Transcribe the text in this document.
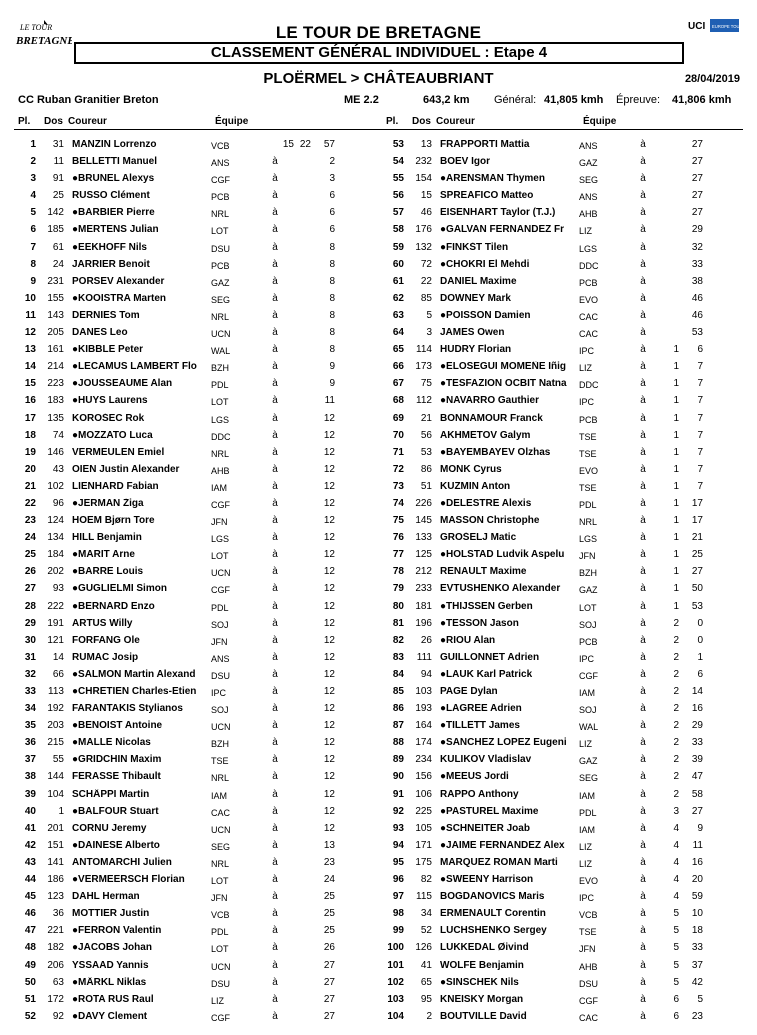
LE TOUR
BRETAGNE
UCI EUROPE TOUR
LE TOUR DE BRETAGNE
CLASSEMENT GÉNÉRAL INDIVIDUEL : Etape 4
PLOËRMEL > CHÂTEAUBRIANT	28/04/2019
CC Ruban Granitier Breton	ME 2.2	643,2 km Général: 41,805 kmh Épreuve: 41,806 kmh
Pl. Dos Coureur	Équipe	Pl. Dos Coureur	Équipe
1	31 MANZIN Lorrenzo	VCB	15 22	57
2	11 BELLETTI Manuel	ANS	à	2
3	91 ●BRUNEL Alexys	CGF	à	3
4	25 RUSSO Clément	PCB	à	6
5	142 ●BARBIER Pierre	NRL	à	6
6	185 ●MERTENS Julian	LOT	à	6
7	61 ●EEKHOFF Nils	DSU	à	8
8	24 JARRIER Benoit	PCB	à	8
9	231 PORSEV Alexander	GAZ	à	8
10	155 ●KOOISTRA Marten	SEG	à	8
11	143 DERNIES Tom	NRL	à	8
12	205 DANES Leo	UCN	à	8
13	161 ●KIBBLE Peter	WAL	à	8
14	214 ●LECAMUS LAMBERT Flo	BZH	à	9
15	223 ●JOUSSEAUME Alan	PDL	à	9
16	183 ●HUYS Laurens	LOT	à	11
17	135 KOROŠEC Rok	LGS	à	12
18	74 ●MOZZATO Luca	DDC	à	12
19	146 VERMEULEN Emiel	NRL	à	12
20	43 OIEN Justin Alexander	AHB	à	12
21	102 LIENHARD Fabian	IAM	à	12
22	96 ●JERMAN Žiga	CGF	à	12
23	124 HOEM Bjørn Tore	JFN	à	12
24	134 HILL Benjamin	LGS	à	12
25	184 ●MARIT Arne	LOT	à	12
26	202 ●BARRE Louis	UCN	à	12
27	93 ●GUGLIELMI Simon	CGF	à	12
28	222 ●BERNARD Enzo	PDL	à	12
29	191 ARTUS Willy	SOJ	à	12
30	121 FORFANG Ole	JFN	à	12
31	14 RUMAC Josip	ANS	à	12
32	66 ●SALMON Martin Alexand	DSU	à	12
33	113 ●CHRETIEN Charles-Etien	IPC	à	12
34	192 FARANTAKIS Stylianos	SOJ	à	12
35	203 ●BENOIST Antoine	UCN	à	12
36	215 ●MALLE Nicolas	BZH	à	12
37	55 ●GRIDCHIN Maxim	TSE	à	12
38	144 FERASSE Thibault	NRL	à	12
39	104 SCHÄPPI Martin	IAM	à	12
40	1 ●BALFOUR Stuart	CAC	à	12
41	201 CORNU Jeremy	UCN	à	12
42	151 ●DAINESE Alberto	SEG	à	13
43	141 ANTOMARCHI Julien	NRL	à	23
44	186 ●VERMEERSCH Florian	LOT	à	24
45	123 DAHL Herman	JFN	à	25
46	36 MOTTIER Justin	VCB	à	25
47	221 ●FERRON Valentin	PDL	à	25
48	182 ●JACOBS Johan	LOT	à	26
49	206 YSSAAD Yannis	UCN	à	27
50	63 ●MÄRKL Niklas	DSU	à	27
51	172 ●ROTA RUS Raul	LIZ	à	27
52	92 ●DAVY Clement	CGF	à	27
53	13 FRAPPORTI Mattia	ANS	à	27
54	232 BOEV Igor	GAZ	à	27
55	154 ●ARENSMAN Thymen	SEG	à	27
56	15 SPREAFICO Matteo	ANS	à	27
57	46 EISENHART Taylor (T.J.)	AHB	à	27
58	176 ●GALVAN FERNANDEZ Fr	LIZ	à	29
59	132 ●FINKŠT Tilen	LGS	à	32
60	72 ●CHOKRI El Mehdi	DDC	à	33
61	22 DANIEL Maxime	PCB	à	38
62	85 DOWNEY Mark	EVO	à	46
63	5 ●POISSON Damien	CAC	à	46
64	3 JAMES Owen	CAC	à	53
65	114 HUDRY Florian	IPC	à	1	6
66	173 ●ELOSEGUI MOMEÑE Iñig	LIZ	à	1	7
67	75 ●TESFAZION OCBIT Natna	DDC	à	1	7
68	112 ●NAVARRO Gauthier	IPC	à	1	7
69	21 BONNAMOUR Franck	PCB	à	1	7
70	56 AKHMETOV Galym	TSE	à	1	7
71	53 ●BAYEMBAYEV Olzhas	TSE	à	1	7
72	86 MONK Cyrus	EVO	à	1	7
73	51 KUZMIN Anton	TSE	à	1	7
74	226 ●DELESTRE Alexis	PDL	à	1	17
75	145 MASSON Christophe	NRL	à	1	17
76	133 GROŠELJ Matic	LGS	à	1	21
77	125 ●HOLSTAD Ludvik Aspelu	JFN	à	1	25
78	212 RENAULT Maxime	BZH	à	1	27
79	233 EVTUSHENKO Alexander	GAZ	à	1	50
80	181 ●THIJSSEN Gerben	LOT	à	1	53
81	196 ●TESSON Jason	SOJ	à	2	0
82	26 ●RIOU Alan	PCB	à	2	0
83	111 GUILLONNET Adrien	IPC	à	2	1
84	94 ●LAUK Karl Patrick	CGF	à	2	6
85	103 PAGE Dylan	IAM	à	2	14
86	193 ●LAGREE Adrien	SOJ	à	2	16
87	164 ●TILLETT James	WAL	à	2	29
88	174 ●SANCHEZ LOPEZ Eugeni	LIZ	à	2	33
89	234 KULIKOV Vladislav	GAZ	à	2	39
90	156 ●MEEUS Jordi	SEG	à	2	47
91	106 RAPPO Anthony	IAM	à	2	58
92	225 ●PASTUREL Maxime	PDL	à	3	27
93	105 ●SCHNEITER Joab	IAM	à	4	9
94	171 ●JAIME FERNANDEZ Alex	LIZ	à	4	11
95	175 MARQUEZ ROMAN Marti	LIZ	à	4	16
96	82 ●SWEENY Harrison	EVO	à	4	20
97	115 BOGDANOVICS Maris	IPC	à	4	59
98	34 ERMENAULT Corentin	VCB	à	5	10
99	52 LUCHSHENKO Sergey	TSE	à	5	18
100	126 LUKKEDAL Øivind	JFN	à	5	33
101	41 WOLFE Benjamin	AHB	à	5	37
102	65 ●SINSCHEK Nils	DSU	à	5	42
103	95 KNEISKY Morgan	CGF	à	6	5
104	2 BOUTVILLE David	CAC	à	6	23
